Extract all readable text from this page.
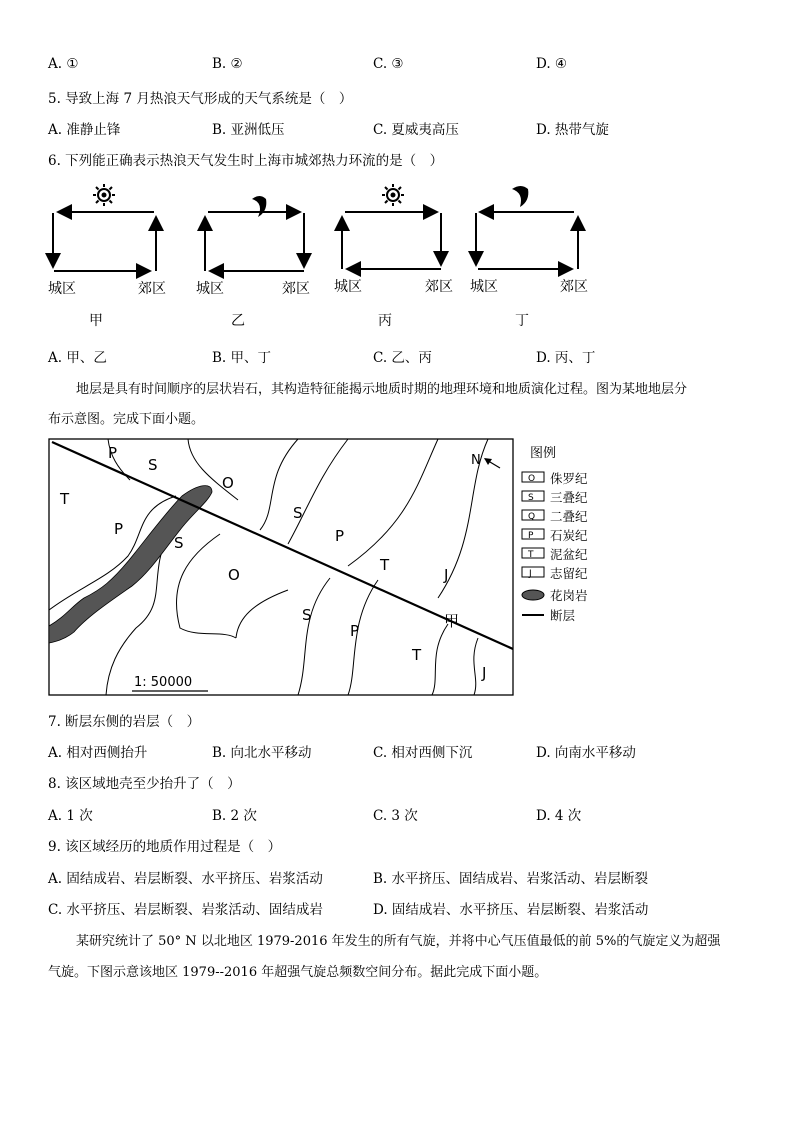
A. ①	B. ②	C. ③	D. ④
5. 导致上海 7 月热浪天气形成的天气系统是（　）
A. 准静止锋	B. 亚洲低压	C. 夏威夷高压	D. 热带气旋
6. 下列能正确表示热浪天气发生时上海市城郊热力环流的是（　）
城区	郊区
甲
城区	郊区
乙
城区	郊区
丙
城区	郊区
丁
A. 甲、乙	B. 甲、丁	C. 乙、丙	D. 丙、丁
地层是具有时间顺序的层状岩石，其构造特征能揭示地质时期的地理环境和地质演化过程。图为某地地层分
布示意图。完成下面小题。
P
S
T
O
P
S
S
O
P
T
J
S
P
T
J
甲
N
1: 50000
图例
O 侏罗纪
S 三叠纪
Q 二叠纪
P 石炭纪
T 泥盆纪
J 志留纪
花岗岩
断层
7. 断层东侧的岩层（　）
A. 相对西侧抬升	B. 向北水平移动	C. 相对西侧下沉	D. 向南水平移动
8. 该区域地壳至少抬升了（　）
A. 1 次	B. 2 次	C. 3 次	D. 4 次
9. 该区域经历的地质作用过程是（　）
A. 固结成岩、岩层断裂、水平挤压、岩浆活动	B. 水平挤压、固结成岩、岩浆活动、岩层断裂
C. 水平挤压、岩层断裂、岩浆活动、固结成岩	D. 固结成岩、水平挤压、岩层断裂、岩浆活动
某研究统计了 50° N 以北地区 1979-2016 年发生的所有气旋，并将中心气压值最低的前 5%的气旋定义为超强
气旋。下图示意该地区 1979--2016 年超强气旋总频数空间分布。据此完成下面小题。
